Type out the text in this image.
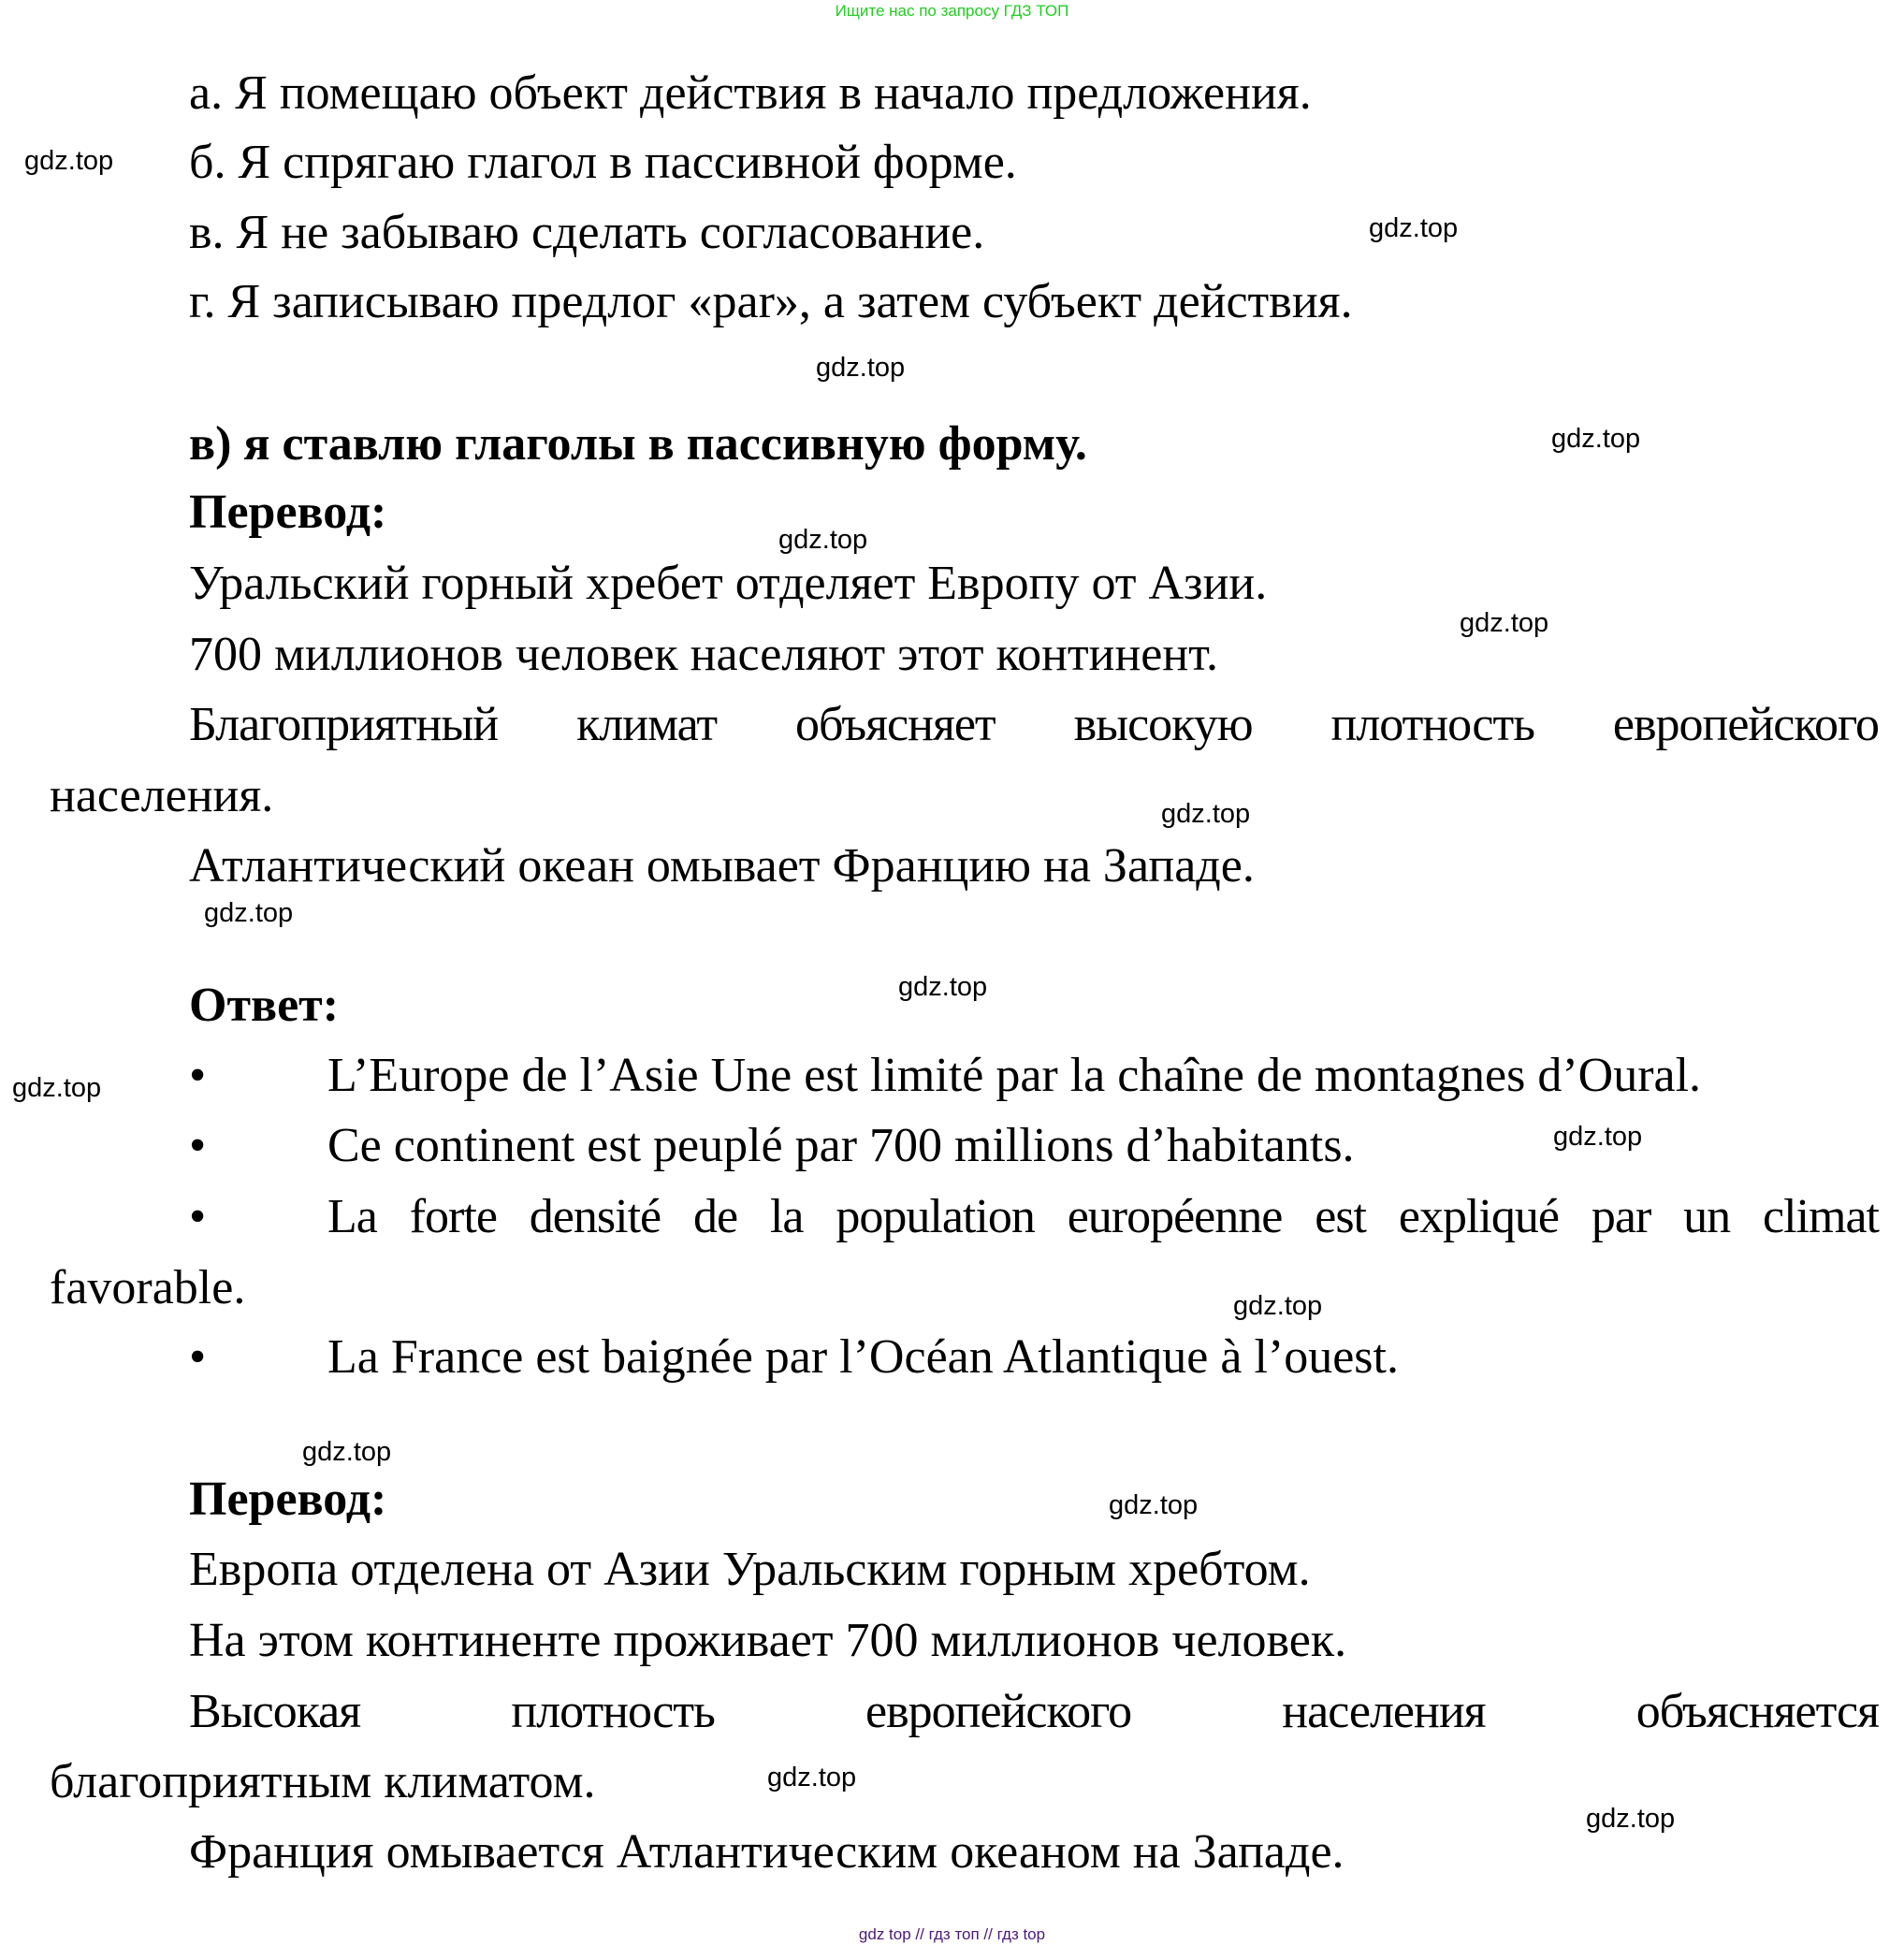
Ищите нас по запросу ГДЗ ТОП
а. Я помещаю объект действия в начало предложения.
б. Я спрягаю глагол в пассивной форме.
в. Я не забываю сделать согласование.
г. Я записываю предлог «par», а затем субъект действия.
в) я ставлю глаголы в пассивную форму.
Перевод:
Уральский горный хребет отделяет Европу от Азии.
700 миллионов человек населяют этот континент.
Благоприятный климат объясняет высокую плотность европейского
населения.
Атлантический океан омывает Францию на Западе.
Ответ:
• L’Europe de l’Asie Une est limité par la chaîne de montagnes d’Oural.
• Ce continent est peuplé par 700 millions d’habitants.
• La forte densité de la population européenne est expliqué par un climat
favorable.
• La France est baignée par l’Océan Atlantique à l’ouest.
Перевод:
Европа отделена от Азии Уральским горным хребтом.
На этом континенте проживает 700 миллионов человек.
Высокая плотность европейского населения объясняется
благоприятным климатом.
Франция омывается Атлантическим океаном на Западе.
gdz.top
gdz.top
gdz.top
gdz.top
gdz.top
gdz.top
gdz.top
gdz.top
gdz.top
gdz.top
gdz.top
gdz.top
gdz.top
gdz.top
gdz.top
gdz.top
gdz top // гдз топ // гдз top
